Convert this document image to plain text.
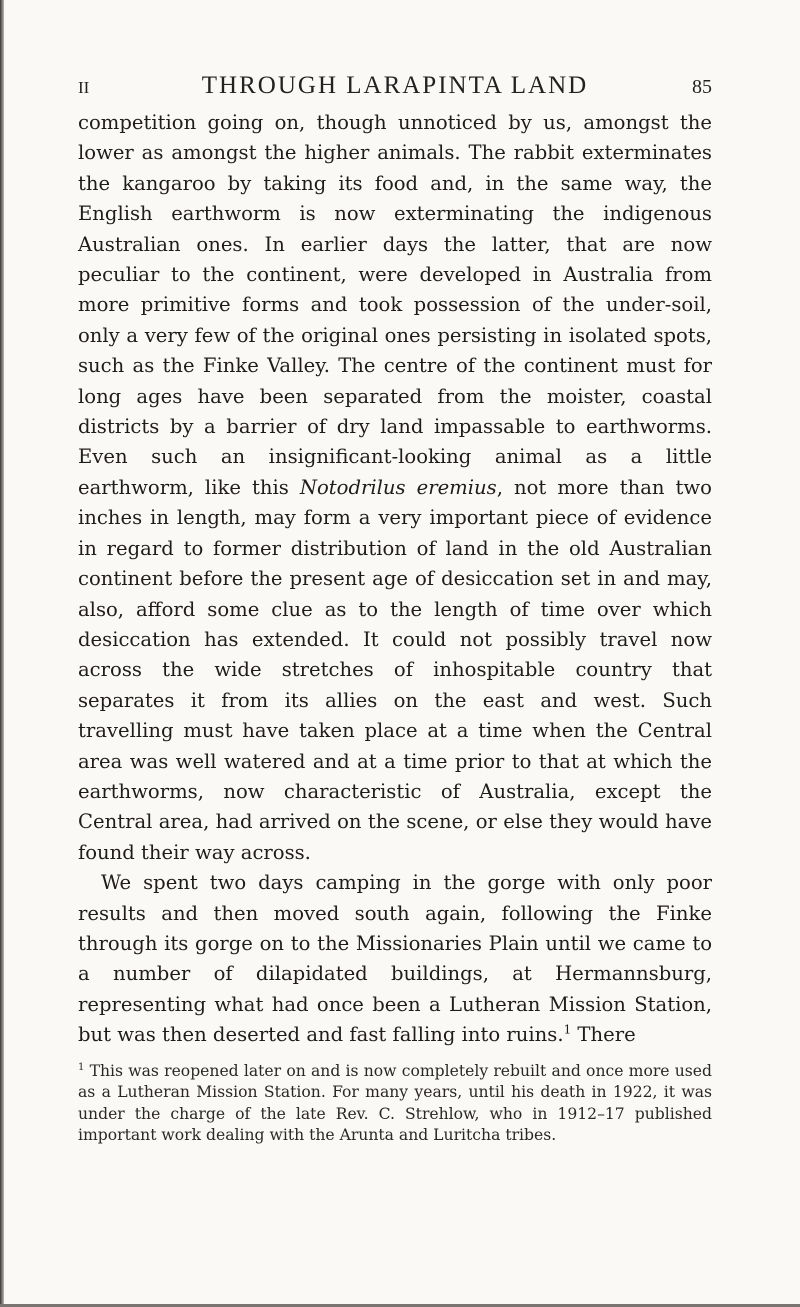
II	THROUGH LARAPINTA LAND	85

competition going on, though unnoticed by us, amongst the lower as amongst the higher animals. The rabbit exterminates the kangaroo by taking its food and, in the same way, the English earthworm is now exterminating the indigenous Australian ones. In earlier days the latter, that are now peculiar to the continent, were developed in Australia from more primitive forms and took possession of the under-soil, only a very few of the original ones persisting in isolated spots, such as the Finke Valley. The centre of the continent must for long ages have been separated from the moister, coastal districts by a barrier of dry land impassable to earthworms. Even such an insignificant-looking animal as a little earthworm, like this Notodrilus eremius, not more than two inches in length, may form a very important piece of evidence in regard to former distribution of land in the old Australian continent before the present age of desiccation set in and may, also, afford some clue as to the length of time over which desiccation has extended. It could not possibly travel now across the wide stretches of inhospitable country that separates it from its allies on the east and west. Such travelling must have taken place at a time when the Central area was well watered and at a time prior to that at which the earthworms, now characteristic of Australia, except the Central area, had arrived on the scene, or else they would have found their way across.

We spent two days camping in the gorge with only poor results and then moved south again, following the Finke through its gorge on to the Missionaries Plain until we came to a number of dilapidated buildings, at Hermannsburg, representing what had once been a Lutheran Mission Station, but was then deserted and fast falling into ruins.$^1$ There

$^1$ This was reopened later on and is now completely rebuilt and once more used as a Lutheran Mission Station. For many years, until his death in 1922, it was under the charge of the late Rev. C. Strehlow, who in 1912–17 published important work dealing with the Arunta and Luritcha tribes.
